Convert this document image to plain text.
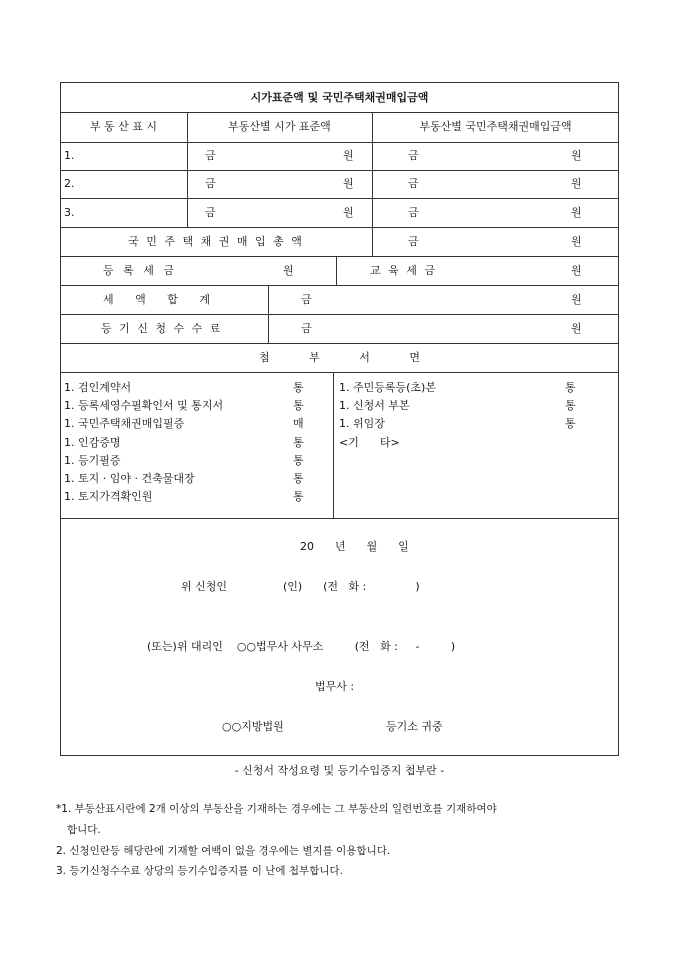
시가표준액 및 국민주택채권매입금액
부 동 산 표 시	부동산별 시가 표준액	부동산별 국민주택채권매입금액
1.	금	원	금	원
2.	금	원	금	원
3.	금	원	금	원
국 민 주 택 채 권 매 입 총 액	금	원
등 록 세 금	원	교 육 세 금	원
세 액 합 계	금	원
등 기 신 청 수 수 료	금	원
첨 부 서 면
1. 검인계약서	통
1. 등록세영수필확인서 및 통지서	통
1. 국민주택채권매입필증	매
1. 인감증명	통
1. 등기필증	통
1. 토지 · 임야 · 건축물대장	통
1. 토지가격확인원	통
1. 주민등록등(초)본	통
1. 신청서 부본	통
1. 위임장	통
<기      타>
20      년      월      일
위 신청인                (인)      (전   화 :              )
(또는)위 대리인    ○○법무사 사무소         (전   화 :     -         )
법무사 :
○○지방법원	등기소 귀중
- 신청서 작성요령 및 등기수입증지 첩부란 -
*1. 부동산표시란에 2개 이상의 부동산을 기재하는 경우에는 그 부동산의 일련번호를 기재하여야
합니다.
2. 신청인란등 해당란에 기재할 여백이 없을 경우에는 별지를 이용합니다.
3. 등기신청수수료 상당의 등기수입증지를 이 난에 첩부합니다.
